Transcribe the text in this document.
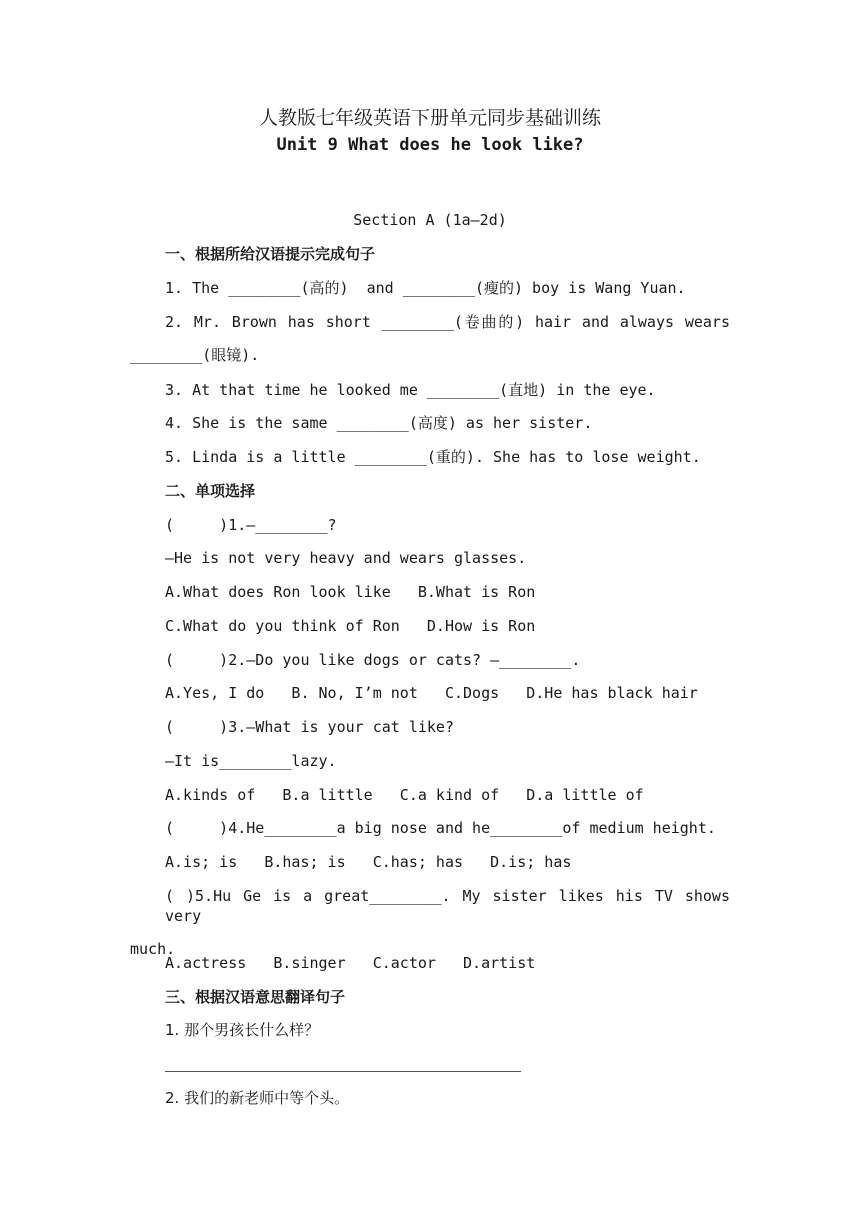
人教版七年级英语下册单元同步基础训练
Unit 9 What does he look like?
Section A (1a—2d)
一、根据所给汉语提示完成句子
1. The ________(高的)  and ________(瘦的) boy is Wang Yuan.
2. Mr. Brown has short ________(卷曲的) hair and always wears
________(眼镜).
3. At that time he looked me ________(直地) in the eye.
4. She is the same ________(高度) as her sister.
5. Linda is a little ________(重的). She has to lose weight.
二、单项选择
(     )1.—________?
—He is not very heavy and wears glasses.
A.What does Ron look like   B.What is Ron
C.What do you think of Ron   D.How is Ron
(     )2.—Do you like dogs or cats? —________.
A.Yes, I do   B. No, I’m not   C.Dogs   D.He has black hair
(     )3.—What is your cat like?
—It is________lazy.
A.kinds of   B.a little   C.a kind of   D.a little of
(     )4.He________a big nose and he________of medium height.
A.is; is   B.has; is   C.has; has   D.is; has
( )5.Hu Ge is a great________. My sister likes his TV shows very
much.
A.actress   B.singer   C.actor   D.artist
三、根据汉语意思翻译句子
1. 那个男孩长什么样？
2. 我们的新老师中等个头。
